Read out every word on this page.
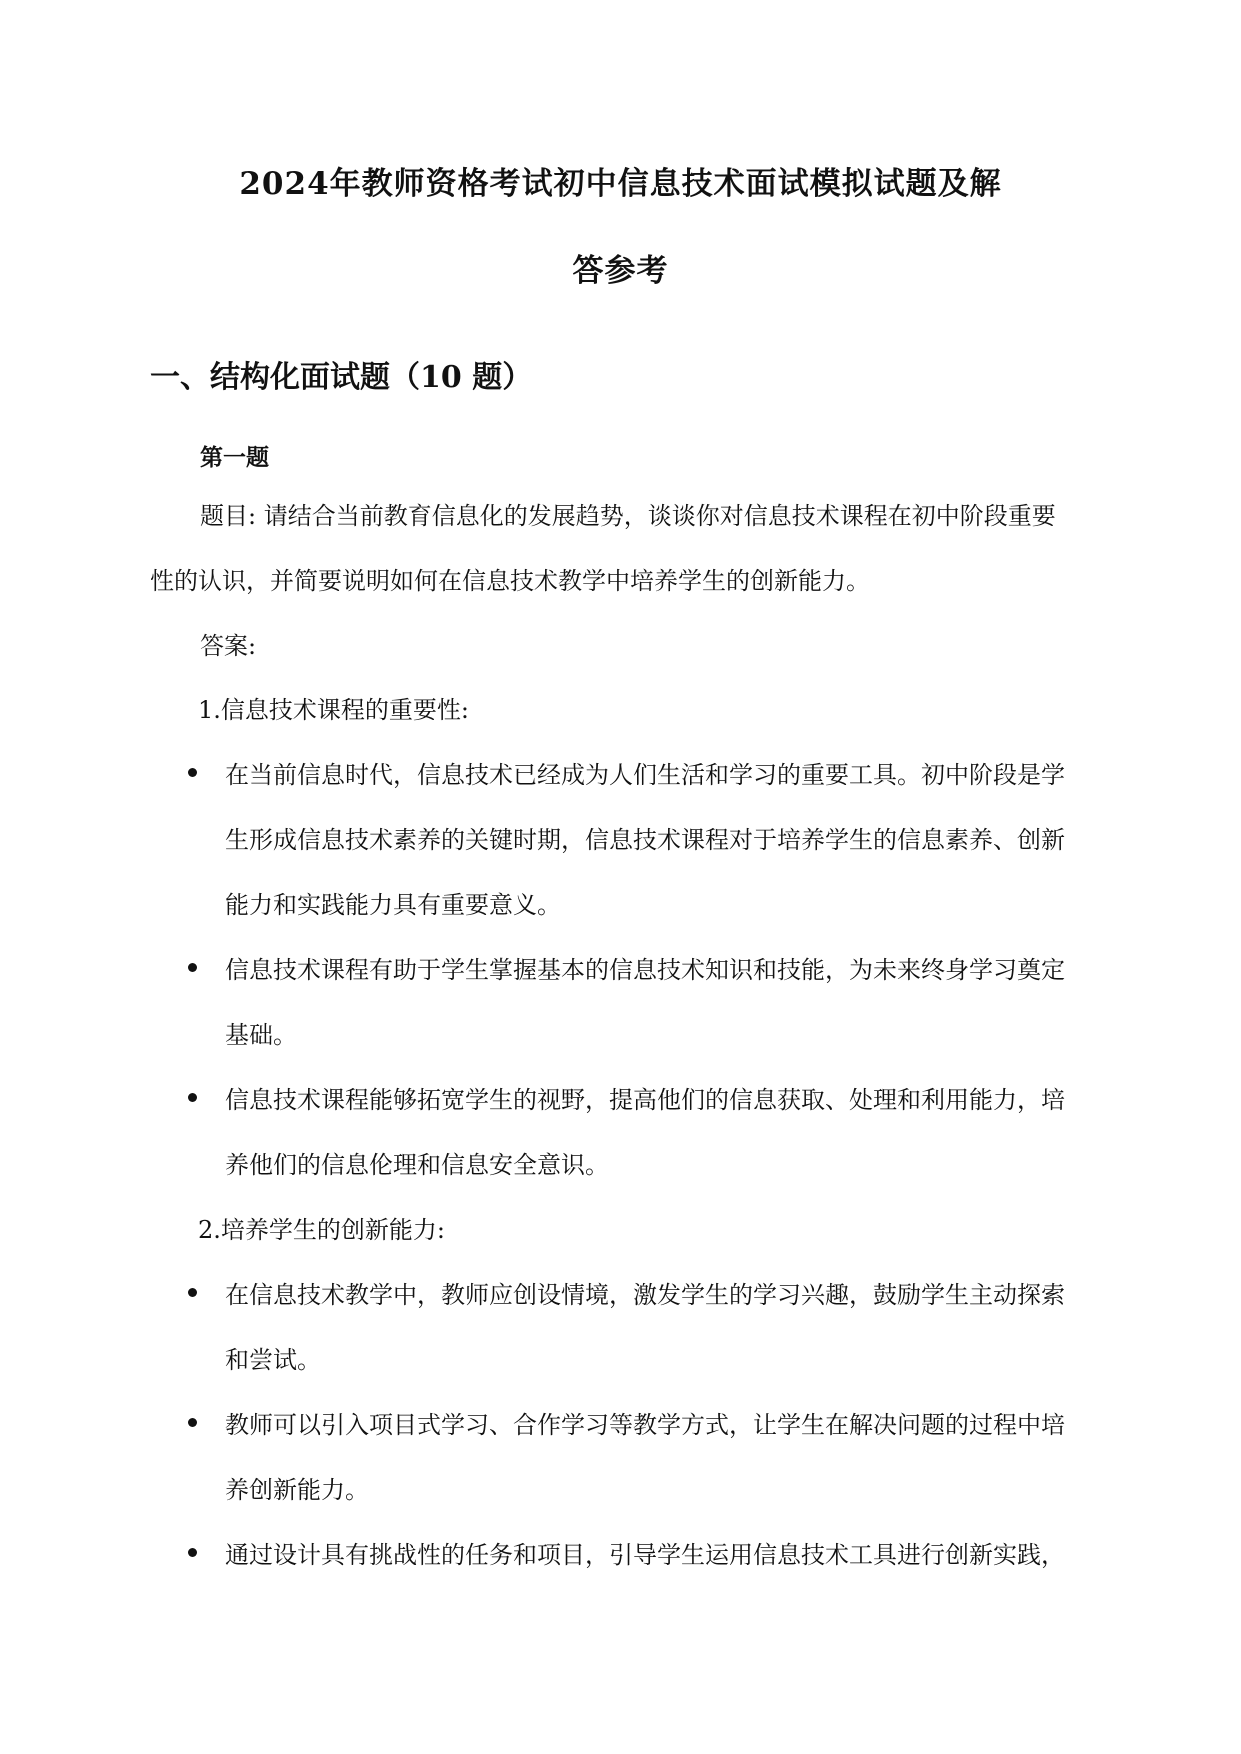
2024年教师资格考试初中信息技术面试模拟试题及解
答参考
一、结构化面试题（10 题）
第一题
题目: 请结合当前教育信息化的发展趋势，谈谈你对信息技术课程在初中阶段重要
性的认识，并简要说明如何在信息技术教学中培养学生的创新能力。
答案:
1.信息技术课程的重要性:
在当前信息时代，信息技术已经成为人们生活和学习的重要工具。初中阶段是学
生形成信息技术素养的关键时期，信息技术课程对于培养学生的信息素养、创新
能力和实践能力具有重要意义。
信息技术课程有助于学生掌握基本的信息技术知识和技能，为未来终身学习奠定
基础。
信息技术课程能够拓宽学生的视野，提高他们的信息获取、处理和利用能力，培
养他们的信息伦理和信息安全意识。
2.培养学生的创新能力:
在信息技术教学中，教师应创设情境，激发学生的学习兴趣，鼓励学生主动探索
和尝试。
教师可以引入项目式学习、合作学习等教学方式，让学生在解决问题的过程中培
养创新能力。
通过设计具有挑战性的任务和项目，引导学生运用信息技术工具进行创新实践，
